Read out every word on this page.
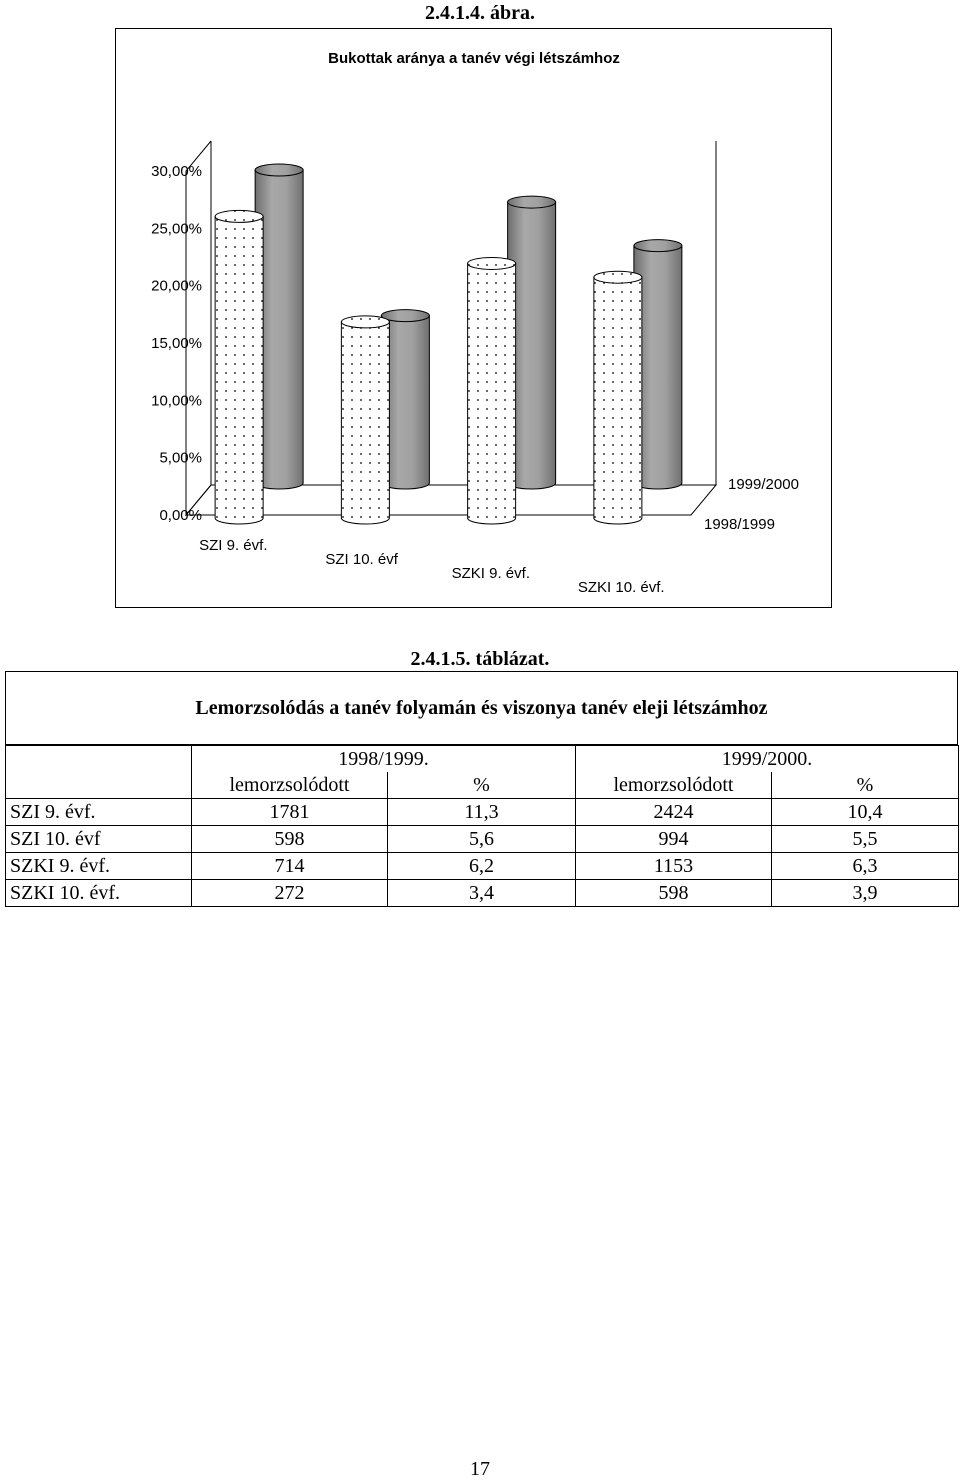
2.4.1.4. ábra.
Bukottak aránya a tanév végi létszámhoz
0,00%
5,00%
10,00%
15,00%
20,00%
25,00%
30,00%
SZI 9. évf.
SZI 10. évf
SZKI 9. évf.
SZKI 10. évf.
1999/2000
1998/1999
2.4.1.5. táblázat.
Lemorzsolódás a tanév folyamán és viszonya tanév eleji létszámhoz
	1998/1999.		1999/2000.	
	lemorzsolódott	%	lemorzsolódott	%
SZI 9. évf.	1781	11,3	2424	10,4
SZI 10. évf	598	5,6	994	5,5
SZKI 9. évf.	714	6,2	1153	6,3
SZKI 10. évf.	272	3,4	598	3,9
17
